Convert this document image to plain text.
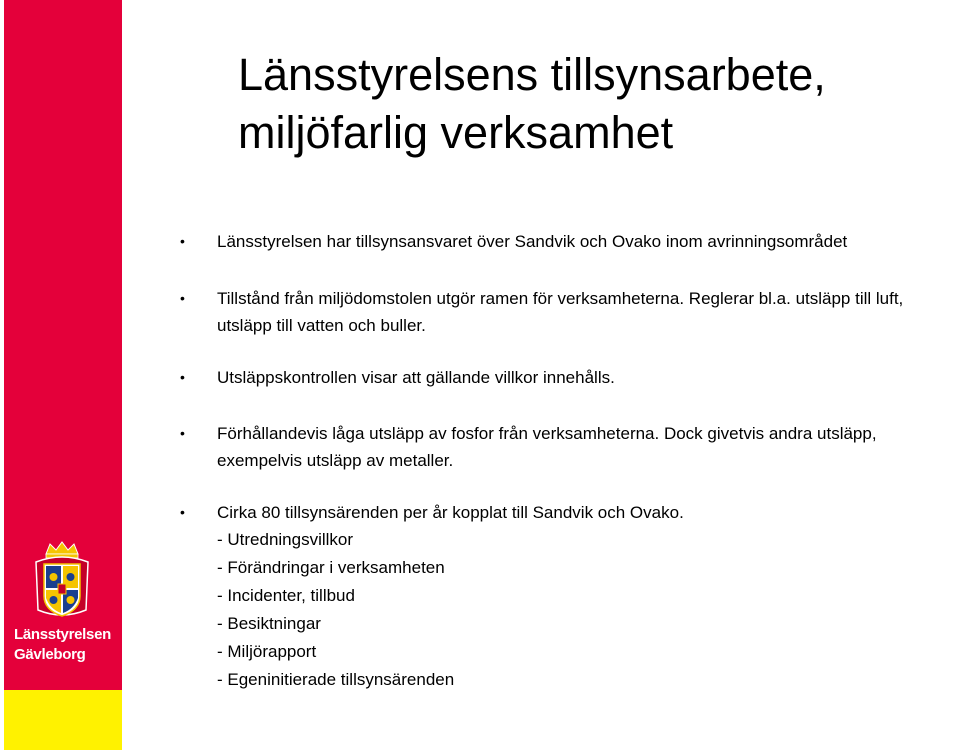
Länsstyrelsen
Gävleborg
Länsstyrelsens tillsynsarbete,
miljöfarlig verksamhet
• Länsstyrelsen har tillsynsansvaret över Sandvik och Ovako inom avrinningsområdet
• Tillstånd från miljödomstolen utgör ramen för verksamheterna. Reglerar bl.a. utsläpp till luft, utsläpp till vatten och buller.
• Utsläppskontrollen visar att gällande villkor innehålls.
• Förhållandevis låga utsläpp av fosfor från verksamheterna. Dock givetvis andra utsläpp, exempelvis utsläpp av metaller.
• Cirka 80 tillsynsärenden per år kopplat till Sandvik och Ovako.
- Utredningsvillkor
- Förändringar i verksamheten
- Incidenter, tillbud
- Besiktningar
- Miljörapport
- Egeninitierade tillsynsärenden
